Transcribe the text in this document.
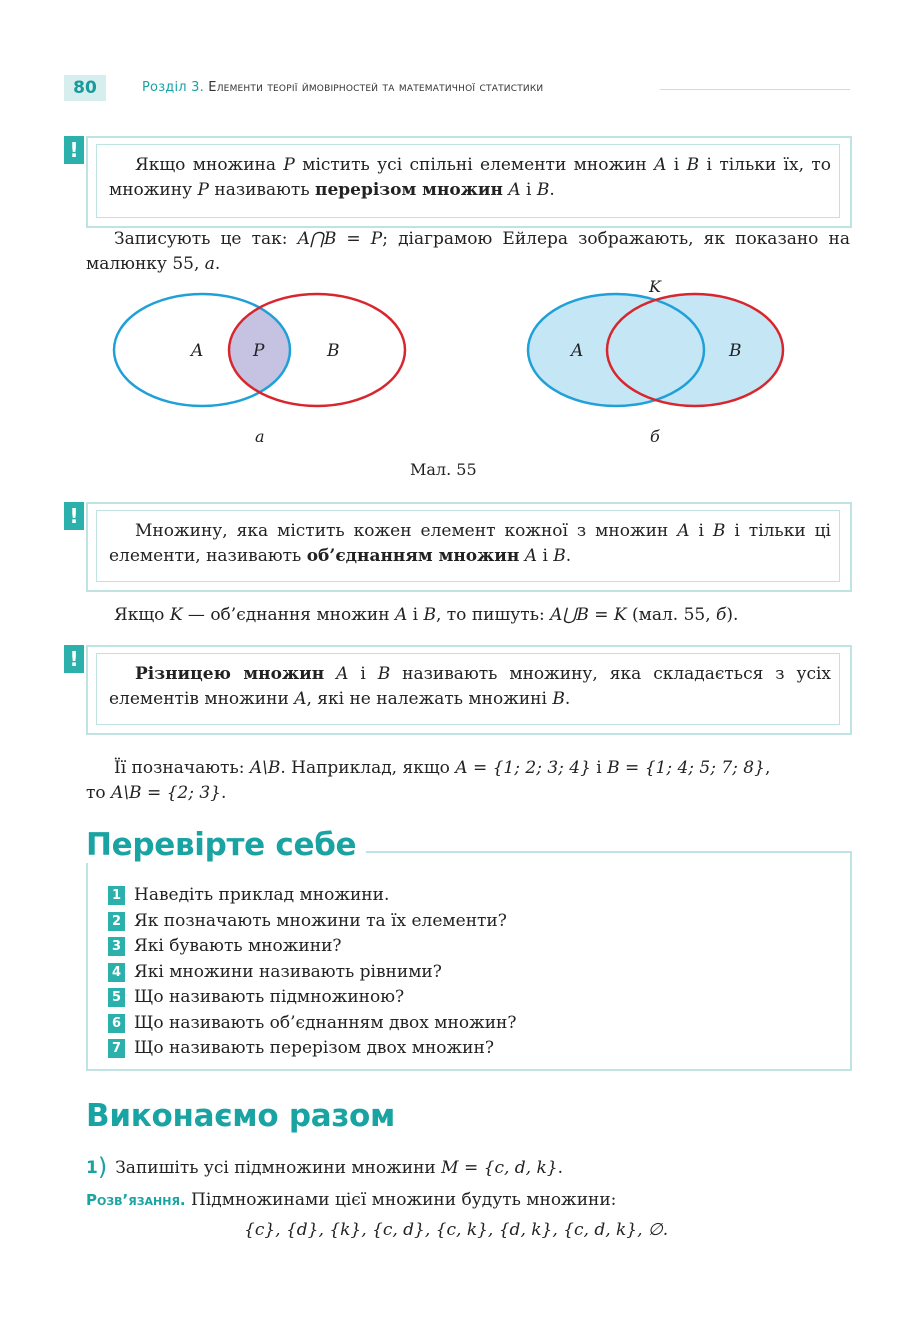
80	Розділ 3. Елементи теорії ймовірностей та математичної статистики
!
Якщо множина P містить усі спільні елементи множин A і B і тільки їх, то множину P називають перерізом множин A і B.
Записують це так: A⋂B = P; діаграмою Ейлера зображають, як показано на малюнку 55, а.
A	P	B
а
K
A	B
б
Мал. 55
!
Множину, яка містить кожен елемент кожної з множин A і B і тільки ці елементи, називають об’єднанням множин A і B.
Якщо K — об’єднання множин A і B, то пишуть: A⋃B = K (мал. 55, б).
!
Різницею множин A і B називають множину, яка складається з усіх елементів множини A, які не належать множині B.
Її позначають: A\B. Наприклад, якщо A = {1; 2; 3; 4} і B = {1; 4; 5; 7; 8},
то A\B = {2; 3}.
Перевірте себе
1 Наведіть приклад множини.
2 Як позначають множини та їх елементи?
3 Які бувають множини?
4 Які множини називають рівними?
5 Що називають підмножиною?
6 Що називають об’єднанням двох множин?
7 Що називають перерізом двох множин?
Виконаємо разом
1) Запишіть усі підмножини множини M = {c, d, k}.
Розв’язання. Підмножинами цієї множини будуть множини:
{c}, {d}, {k}, {c, d}, {c, k}, {d, k}, {c, d, k}, ∅.
